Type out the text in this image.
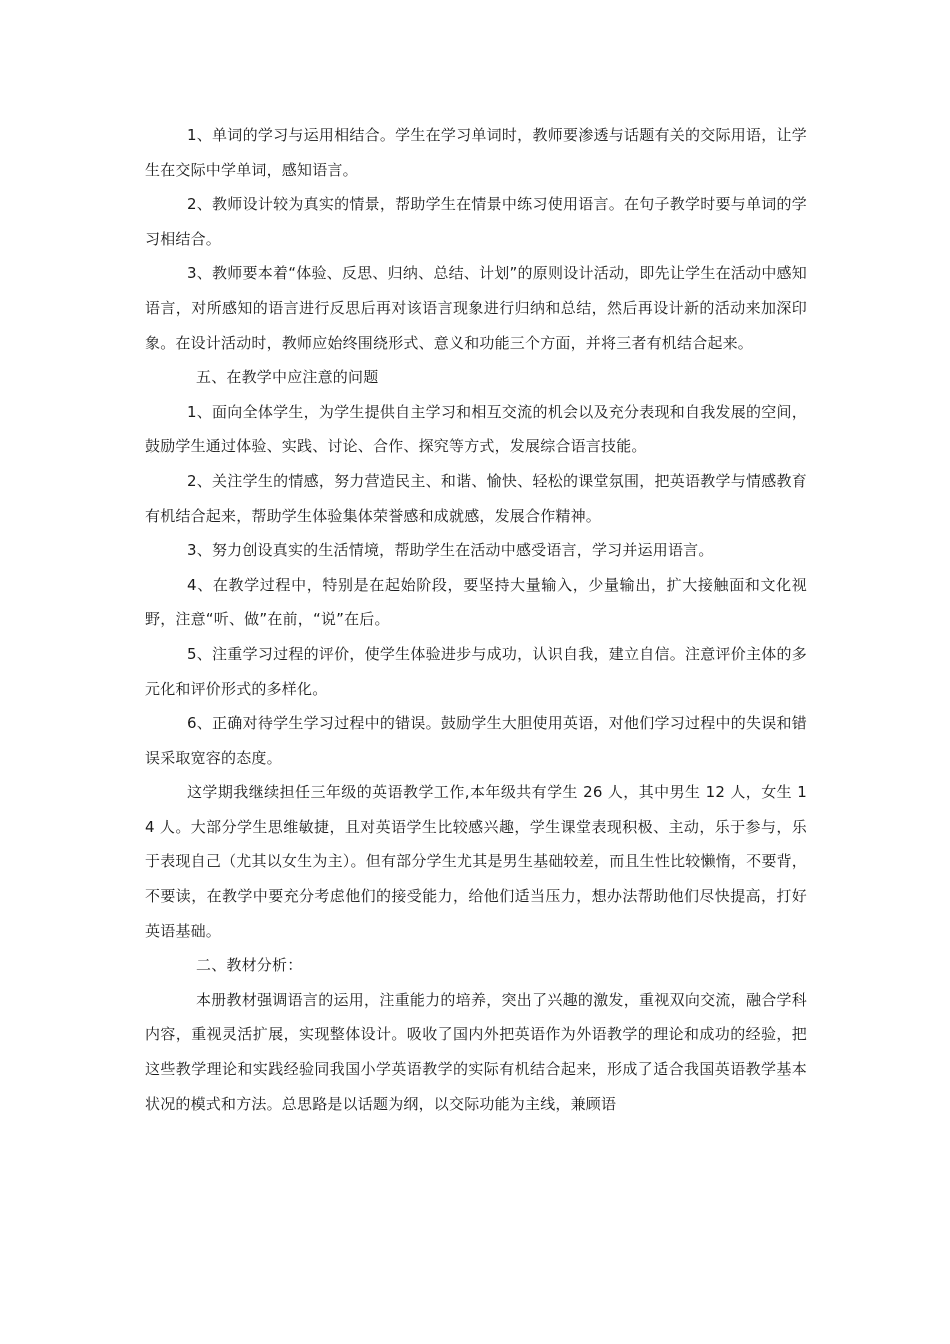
1、单词的学习与运用相结合。学生在学习单词时，教师要渗透与话题有关的交际用语，让学生在交际中学单词，感知语言。

2、教师设计较为真实的情景，帮助学生在情景中练习使用语言。在句子教学时要与单词的学习相结合。

3、教师要本着“体验、反思、归纳、总结、计划”的原则设计活动，即先让学生在活动中感知语言，对所感知的语言进行反思后再对该语言现象进行归纳和总结，然后再设计新的活动来加深印象。在设计活动时，教师应始终围绕形式、意义和功能三个方面，并将三者有机结合起来。

五、在教学中应注意的问题

1、面向全体学生，为学生提供自主学习和相互交流的机会以及充分表现和自我发展的空间，鼓励学生通过体验、实践、讨论、合作、探究等方式，发展综合语言技能。

2、关注学生的情感，努力营造民主、和谐、愉快、轻松的课堂氛围，把英语教学与情感教育有机结合起来，帮助学生体验集体荣誉感和成就感，发展合作精神。

3、努力创设真实的生活情境，帮助学生在活动中感受语言，学习并运用语言。

4、在教学过程中，特别是在起始阶段，要坚持大量输入，少量输出，扩大接触面和文化视野，注意“听、做”在前，“说”在后。

5、注重学习过程的评价，使学生体验进步与成功，认识自我，建立自信。注意评价主体的多元化和评价形式的多样化。

6、正确对待学生学习过程中的错误。鼓励学生大胆使用英语，对他们学习过程中的失误和错误采取宽容的态度。

这学期我继续担任三年级的英语教学工作,本年级共有学生 26 人，其中男生 12 人，女生 14 人。大部分学生思维敏捷，且对英语学生比较感兴趣，学生课堂表现积极、主动，乐于参与，乐于表现自己（尤其以女生为主）。但有部分学生尤其是男生基础较差，而且生性比较懒惰，不要背，不要读，在教学中要充分考虑他们的接受能力，给他们适当压力，想办法帮助他们尽快提高，打好英语基础。

二、教材分析：

本册教材强调语言的运用，注重能力的培养，突出了兴趣的激发，重视双向交流，融合学科内容，重视灵活扩展，实现整体设计。吸收了国内外把英语作为外语教学的理论和成功的经验，把这些教学理论和实践经验同我国小学英语教学的实际有机结合起来，形成了适合我国英语教学基本状况的模式和方法。总思路是以话题为纲，以交际功能为主线，兼顾语
